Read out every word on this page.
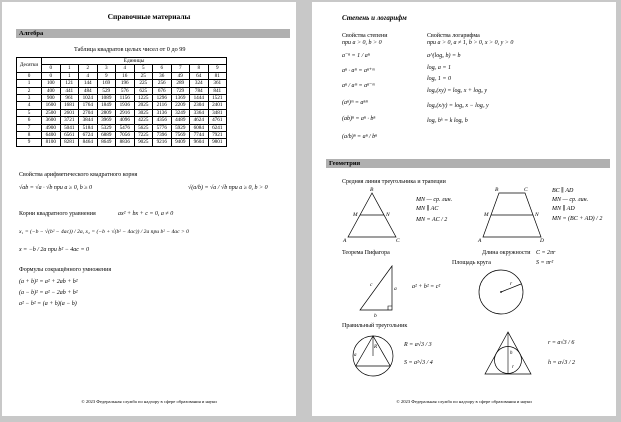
Справочные материалы
Алгебра
Таблица квадратов целых чисел от 0 до 99
Десятки	Единицы									
	0	1	2	3	4	5	6	7	8	9
0	0	1	4	9	16	25	36	49	64	81
1	100	121	144	169	196	225	256	289	324	361
2	400	441	484	529	576	625	676	729	784	841
3	900	961	1024	1089	1156	1225	1296	1369	1444	1521
4	1600	1681	1764	1849	1936	2025	2116	2209	2304	2401
5	2500	2601	2704	2809	2916	3025	3136	3249	3364	3481
6	3600	3721	3844	3969	4096	4225	4356	4489	4624	4761
7	4900	5041	5184	5329	5476	5625	5776	5929	6084	6241
8	6400	6561	6724	6889	7056	7225	7396	7569	7744	7921
9	8100	8281	8464	8649	8836	9025	9216	9409	9604	9801
Свойства арифметического квадратного корня
√ab = √a · √b при a ≥ 0, b ≥ 0	√(a/b) = √a / √b при a ≥ 0, b > 0
Корни квадратного уравнения	ax² + bx + c = 0, a ≠ 0
x₁ = (−b − √(b² − 4ac)) / 2a, x₂ = (−b + √(b² − 4ac)) / 2a при b² − 4ac > 0
x = −b / 2a при b² − 4ac = 0
Формулы сокращённого умножения
(a + b)² = a² + 2ab + b²
(a − b)² = a² − 2ab + b²
a² − b² = (a + b)(a − b)
© 2023 Федеральная служба по надзору в сфере образования и науки
Степень и логарифм
Свойства степени
при a > 0, b > 0
a⁻ⁿ = 1 / aⁿ
aⁿ · aᵐ = aⁿ⁺ᵐ
aⁿ / aᵐ = aⁿ⁻ᵐ
(aⁿ)ᵐ = aⁿᵐ
(ab)ⁿ = aⁿ · bⁿ
(a/b)ⁿ = aⁿ / bⁿ
Свойства логарифма
при a > 0, a ≠ 1, b > 0, x > 0, y > 0
a^(logₐ b) = b
logₐ a = 1
logₐ 1 = 0
logₐ(xy) = logₐ x + logₐ y
logₐ(x/y) = logₐ x − logₐ y
logₐ bᵏ = k logₐ b
Геометрия
Средняя линия треугольника и трапеции
B
A	C
M	N
MN — ср. лин.
MN ∥ AC
MN = AC / 2
B	C
A	D
M	N
BC ∥ AD
MN — ср. лин.
MN ∥ AD
MN = (BC + AD) / 2
Теорема Пифагора
c
a
b
a² + b² = c²
Длина окружности C = 2πr
Площадь круга	S = πr²
r
Правильный треугольник
R
a
R = a√3 / 3
S = a²√3 / 4
h
r
r = a√3 / 6
h = a√3 / 2
© 2023 Федеральная служба по надзору в сфере образования и науки
